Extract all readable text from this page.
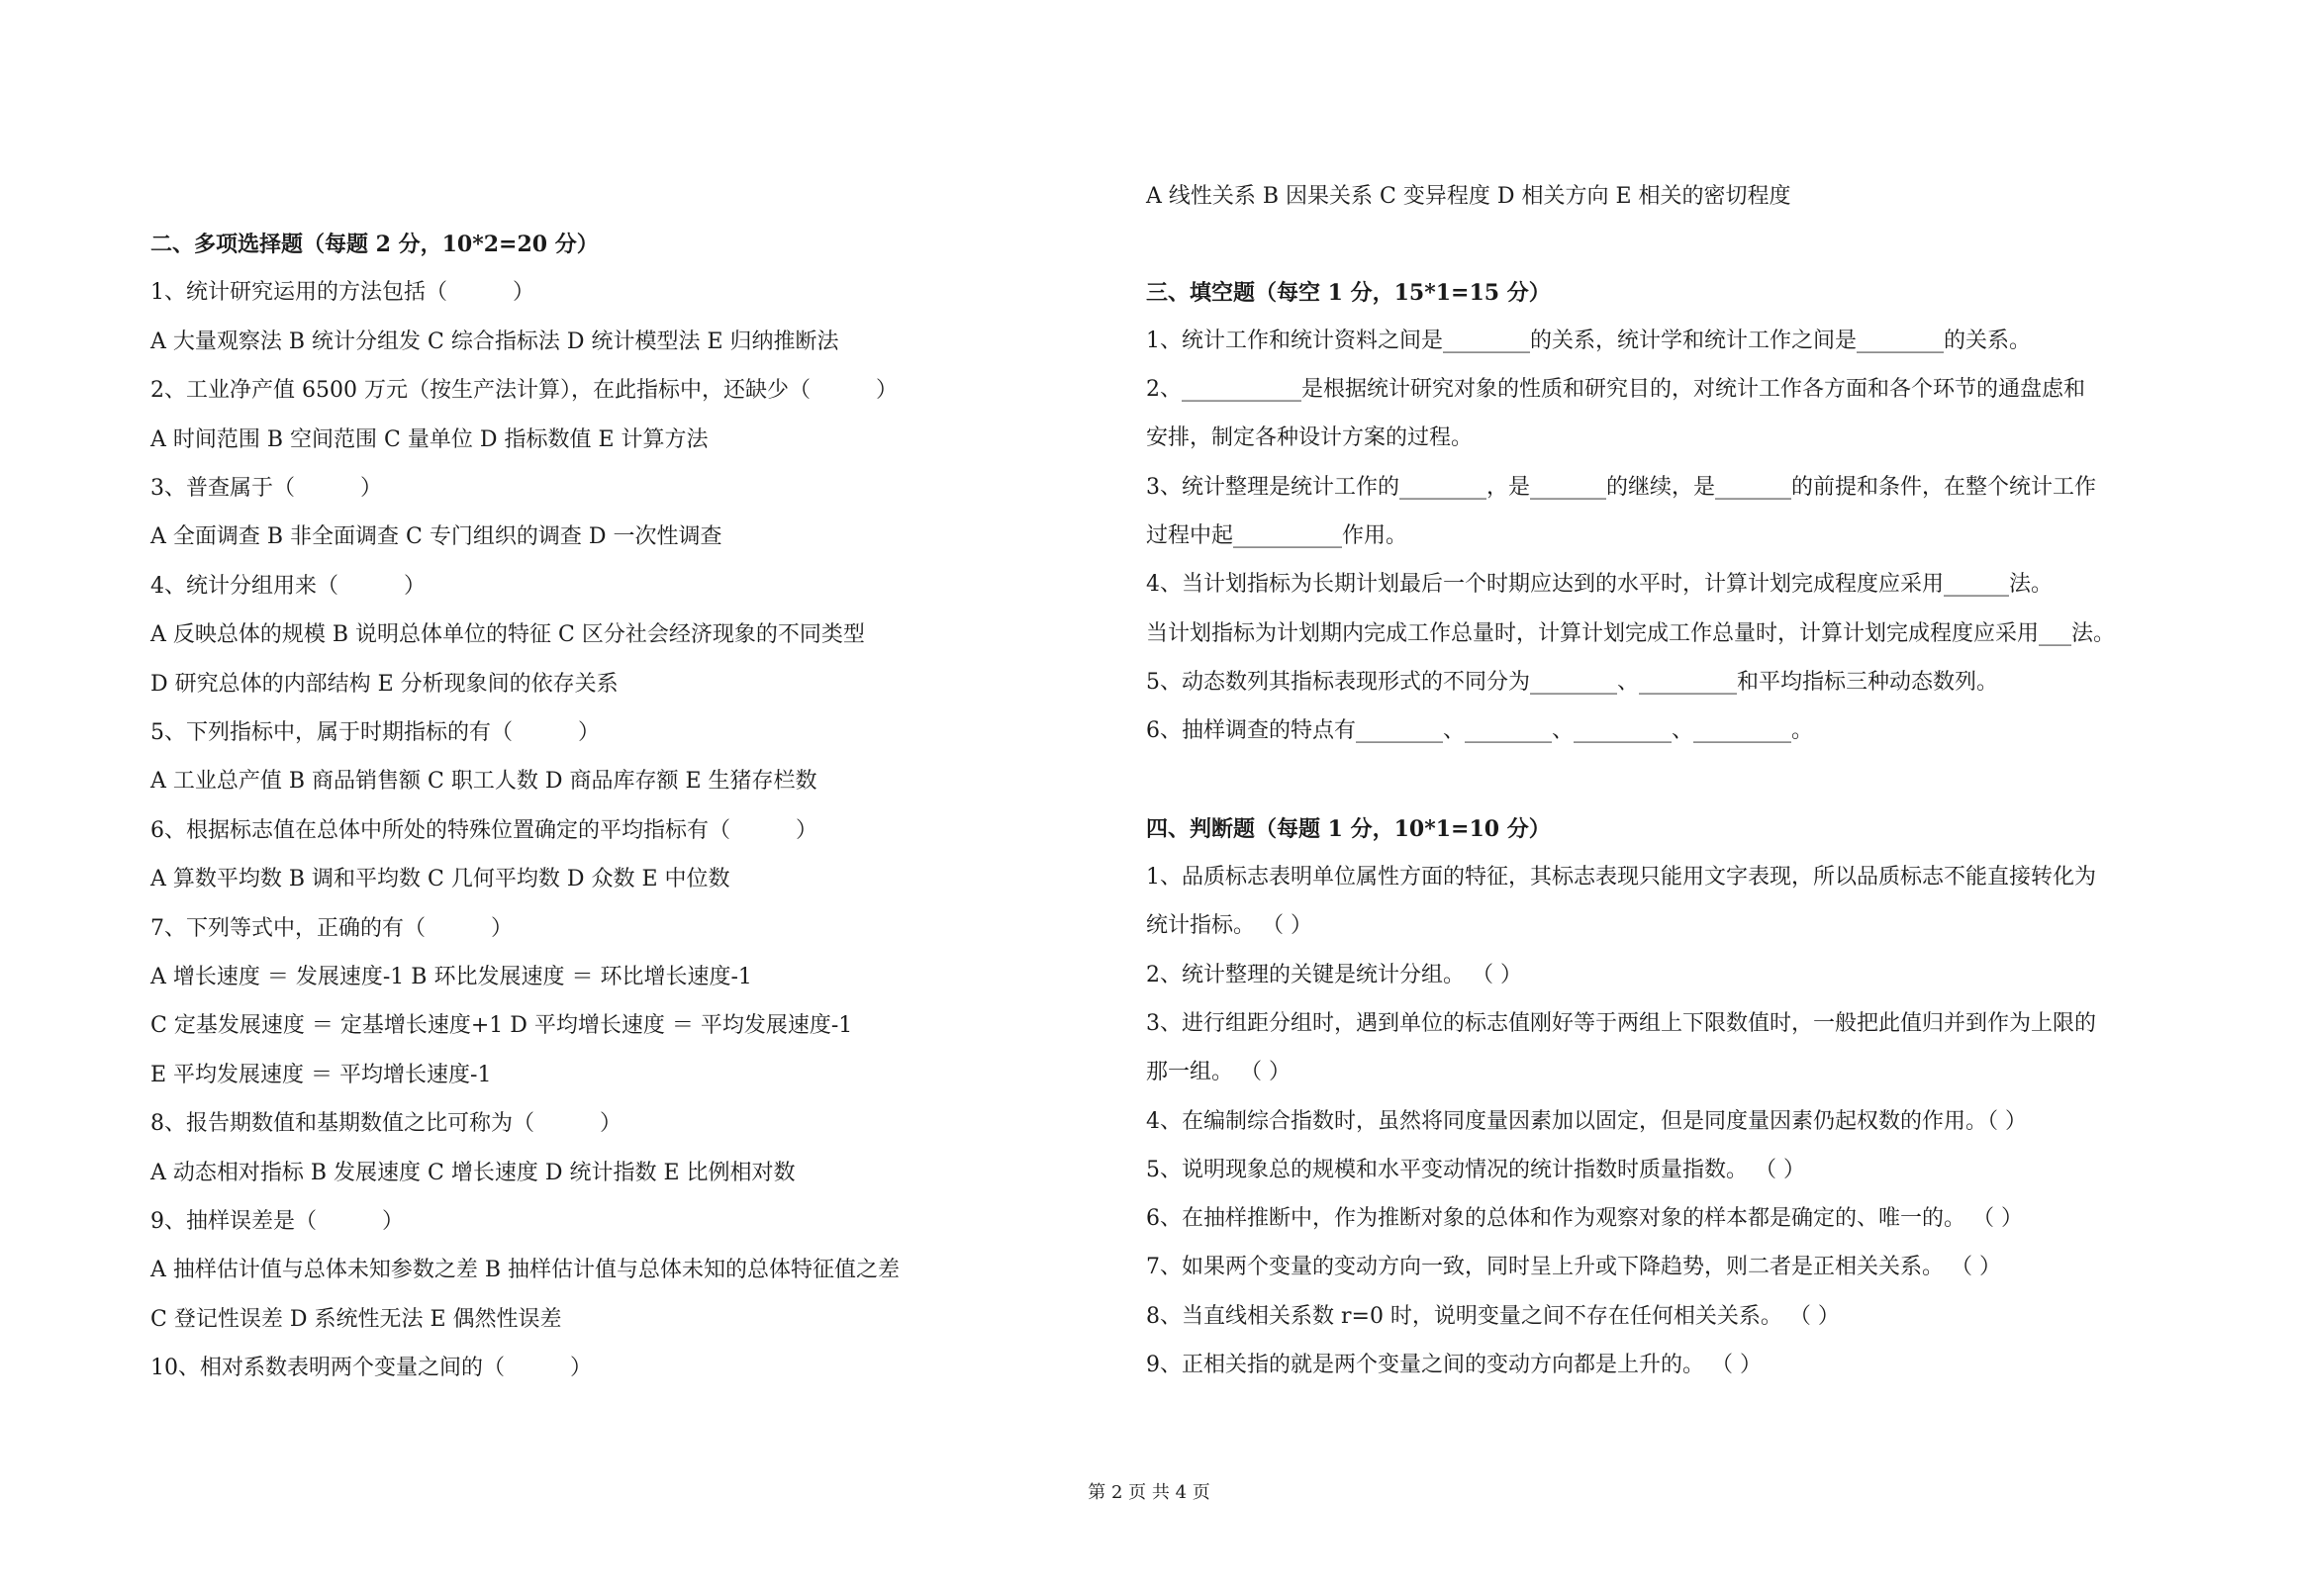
二、多项选择题（每题 2 分，10*2=20 分）
1、统计研究运用的方法包括（　　　）
A 大量观察法 B 统计分组发 C 综合指标法 D 统计模型法 E 归纳推断法
2、工业净产值 6500 万元（按生产法计算），在此指标中，还缺少（　　　）
A 时间范围 B 空间范围 C 量单位 D 指标数值 E 计算方法
3、普查属于（　　　）
A 全面调查 B 非全面调查 C 专门组织的调查 D 一次性调查
4、统计分组用来（　　　）
A 反映总体的规模 B 说明总体单位的特征 C 区分社会经济现象的不同类型
D 研究总体的内部结构 E 分析现象间的依存关系
5、下列指标中，属于时期指标的有（　　　）
A 工业总产值 B 商品销售额 C 职工人数 D 商品库存额 E 生猪存栏数
6、根据标志值在总体中所处的特殊位置确定的平均指标有（　　　）
A 算数平均数 B 调和平均数 C 几何平均数 D 众数 E 中位数
7、下列等式中，正确的有（　　　）
A 增长速度 ＝ 发展速度-1 B 环比发展速度 ＝ 环比增长速度-1
C 定基发展速度 ＝ 定基增长速度+1 D 平均增长速度 ＝ 平均发展速度-1
E 平均发展速度 ＝ 平均增长速度-1
8、报告期数值和基期数值之比可称为（　　　）
A 动态相对指标 B 发展速度 C 增长速度 D 统计指数 E 比例相对数
9、抽样误差是（　　　）
A 抽样估计值与总体未知参数之差 B 抽样估计值与总体未知的总体特征值之差
C 登记性误差 D 系统性无法 E 偶然性误差
10、相对系数表明两个变量之间的（　　　）
A 线性关系 B 因果关系 C 变异程度 D 相关方向 E 相关的密切程度
三、填空题（每空 1 分，15*1=15 分）
1、统计工作和统计资料之间是________的关系，统计学和统计工作之间是________的关系。
2、___________是根据统计研究对象的性质和研究目的，对统计工作各方面和各个环节的通盘虑和
安排，制定各种设计方案的过程。
3、统计整理是统计工作的________，是_______的继续，是_______的前提和条件，在整个统计工作
过程中起__________作用。
4、当计划指标为长期计划最后一个时期应达到的水平时，计算计划完成程度应采用______法。
当计划指标为计划期内完成工作总量时，计算计划完成工作总量时，计算计划完成程度应采用___法。
5、动态数列其指标表现形式的不同分为________、_________和平均指标三种动态数列。
6、抽样调查的特点有________、________、_________、_________。
四、判断题（每题 1 分，10*1=10 分）
1、品质标志表明单位属性方面的特征，其标志表现只能用文字表现，所以品质标志不能直接转化为
统计指标。 （ ）
2、统计整理的关键是统计分组。 （ ）
3、进行组距分组时，遇到单位的标志值刚好等于两组上下限数值时，一般把此值归并到作为上限的
那一组。 （ ）
4、在编制综合指数时，虽然将同度量因素加以固定，但是同度量因素仍起权数的作用。（ ）
5、说明现象总的规模和水平变动情况的统计指数时质量指数。 （ ）
6、在抽样推断中，作为推断对象的总体和作为观察对象的样本都是确定的、唯一的。 （ ）
7、如果两个变量的变动方向一致，同时呈上升或下降趋势，则二者是正相关关系。 （ ）
8、当直线相关系数 r=0 时，说明变量之间不存在任何相关关系。 （ ）
9、正相关指的就是两个变量之间的变动方向都是上升的。 （ ）
第 2 页 共 4 页
